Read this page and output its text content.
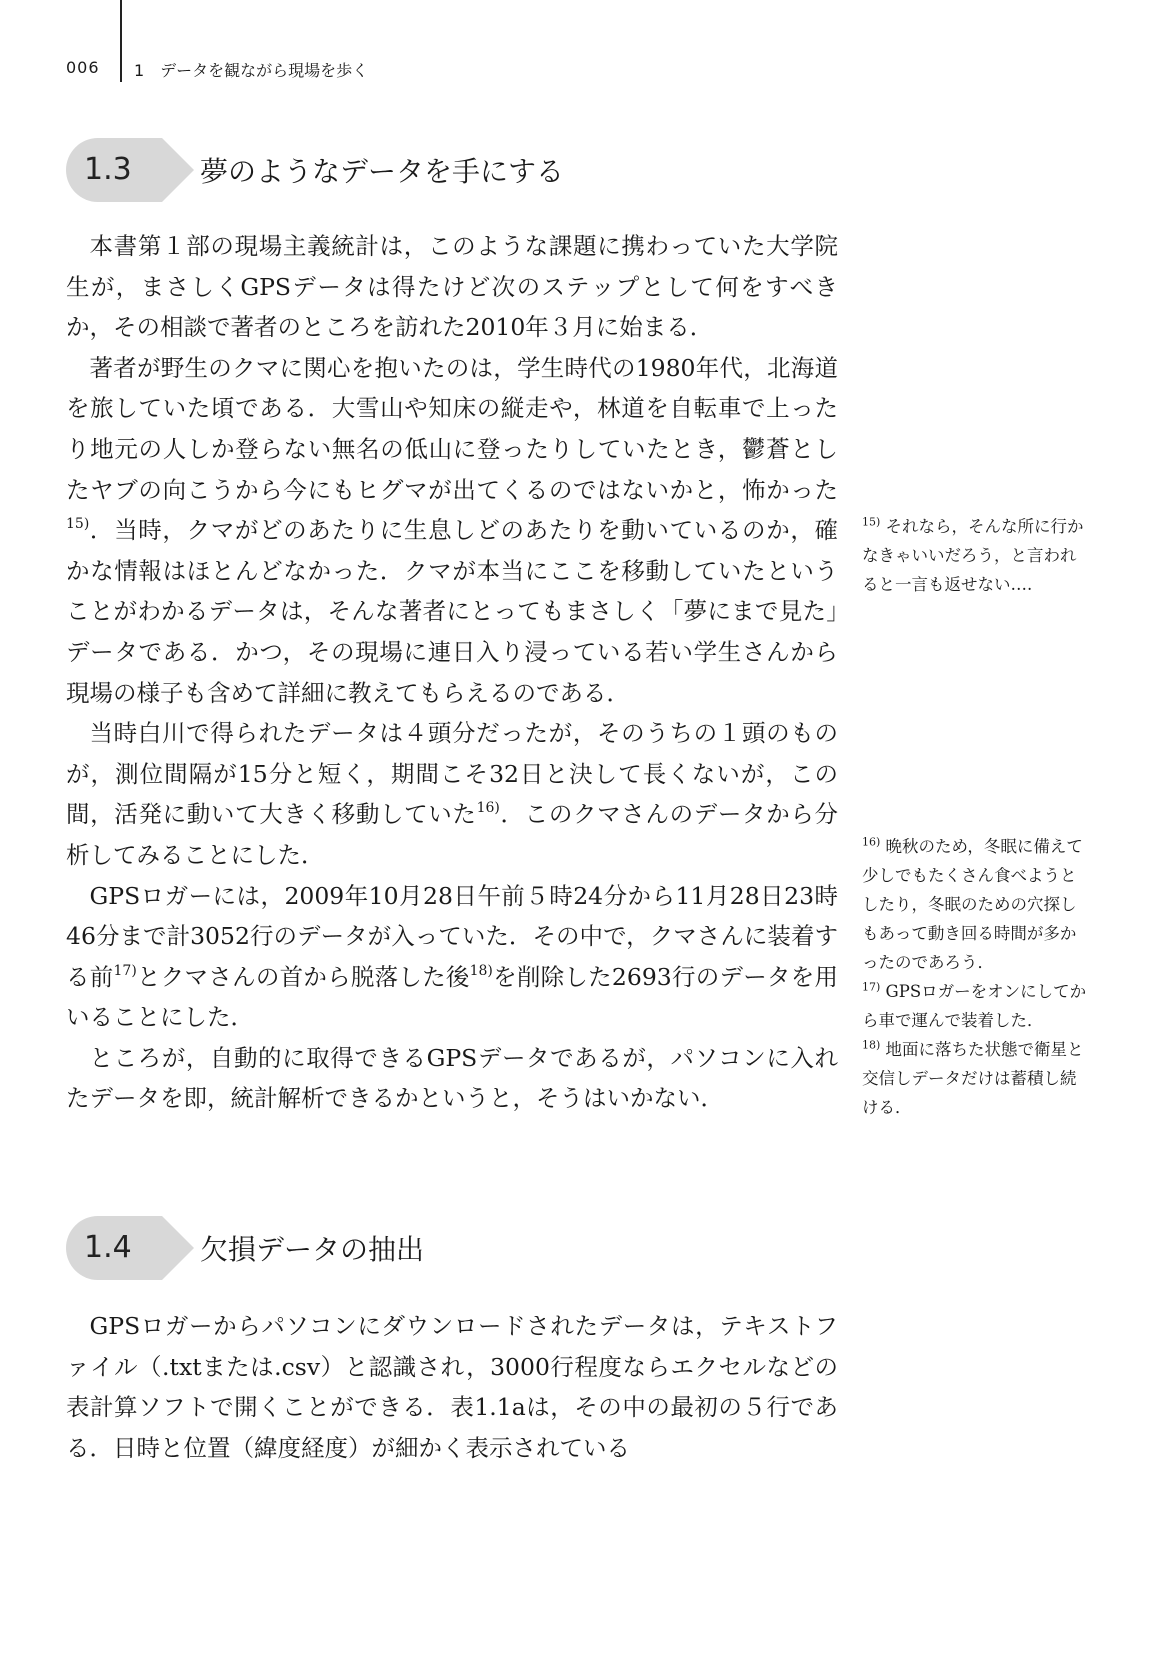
006 1　データを観ながら現場を歩く
1.3 夢のようなデータを手にする

本書第１部の現場主義統計は，このような課題に携わっていた大学院生が，まさしくGPSデータは得たけど次のステップとして何をすべきか，その相談で著者のところを訪れた2010年３月に始まる．

著者が野生のクマに関心を抱いたのは，学生時代の1980年代，北海道を旅していた頃である．大雪山や知床の縦走や，林道を自転車で上ったり地元の人しか登らない無名の低山に登ったりしていたとき，鬱蒼としたヤブの向こうから今にもヒグマが出てくるのではないかと，怖かった$^{15)}$．当時，クマがどのあたりに生息しどのあたりを動いているのか，確かな情報はほとんどなかった．クマが本当にここを移動していたということがわかるデータは，そんな著者にとってもまさしく「夢にまで見た」データである．かつ，その現場に連日入り浸っている若い学生さんから現場の様子も含めて詳細に教えてもらえるのである．

当時白川で得られたデータは４頭分だったが，そのうちの１頭のものが，測位間隔が15分と短く，期間こそ32日と決して長くないが，この間，活発に動いて大きく移動していた$^{16)}$．このクマさんのデータから分析してみることにした．

GPSロガーには，2009年10月28日午前５時24分から11月28日23時46分まで計3052行のデータが入っていた．その中で，クマさんに装着する前$^{17)}$とクマさんの首から脱落した後$^{18)}$を削除した2693行のデータを用いることにした．

ところが，自動的に取得できるGPSデータであるが，パソコンに入れたデータを即，統計解析できるかというと，そうはいかない．

$^{15)}$ それなら，そんな所に行かなきゃいいだろう，と言われると一言も返せない….

$^{16)}$ 晩秋のため，冬眠に備えて少しでもたくさん食べようとしたり，冬眠のための穴探しもあって動き回る時間が多かったのであろう．

$^{17)}$ GPSロガーをオンにしてから車で運んで装着した．

$^{18)}$ 地面に落ちた状態で衛星と交信しデータだけは蓄積し続ける．

1.4 欠損データの抽出

GPSロガーからパソコンにダウンロードされたデータは，テキストファイル（.txtまたは.csv）と認識され，3000行程度ならエクセルなどの表計算ソフトで開くことができる．表1.1aは，その中の最初の５行である．日時と位置（緯度経度）が細かく表示されている
